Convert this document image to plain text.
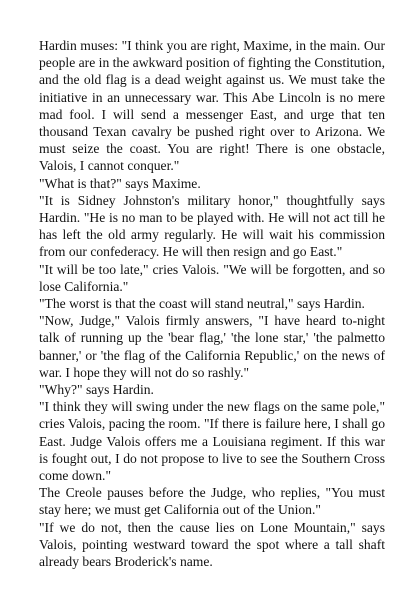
Hardin muses: "I think you are right, Maxime, in the main. Our people are in the awkward position of fighting the Constitution, and the old flag is a dead weight against us. We must take the initiative in an unnecessary war. This Abe Lincoln is no mere mad fool. I will send a messenger East, and urge that ten thousand Texan cavalry be pushed right over to Arizona. We must seize the coast. You are right! There is one obstacle, Valois, I cannot conquer."

"What is that?" says Maxime.

"It is Sidney Johnston's military honor," thoughtfully says Hardin. "He is no man to be played with. He will not act till he has left the old army regularly. He will wait his commission from our confederacy. He will then resign and go East."

"It will be too late," cries Valois. "We will be forgotten, and so lose California."

"The worst is that the coast will stand neutral," says Hardin.

"Now, Judge," Valois firmly answers, "I have heard to-night talk of running up the 'bear flag,' 'the lone star,' 'the palmetto banner,' or 'the flag of the California Republic,' on the news of war. I hope they will not do so rashly."

"Why?" says Hardin.

"I think they will swing under the new flags on the same pole," cries Valois, pacing the room. "If there is failure here, I shall go East. Judge Valois offers me a Louisiana regiment. If this war is fought out, I do not propose to live to see the Southern Cross come down."

The Creole pauses before the Judge, who replies, "You must stay here; we must get California out of the Union."

"If we do not, then the cause lies on Lone Mountain," says Valois, pointing westward toward the spot where a tall shaft already bears Broderick's name.
